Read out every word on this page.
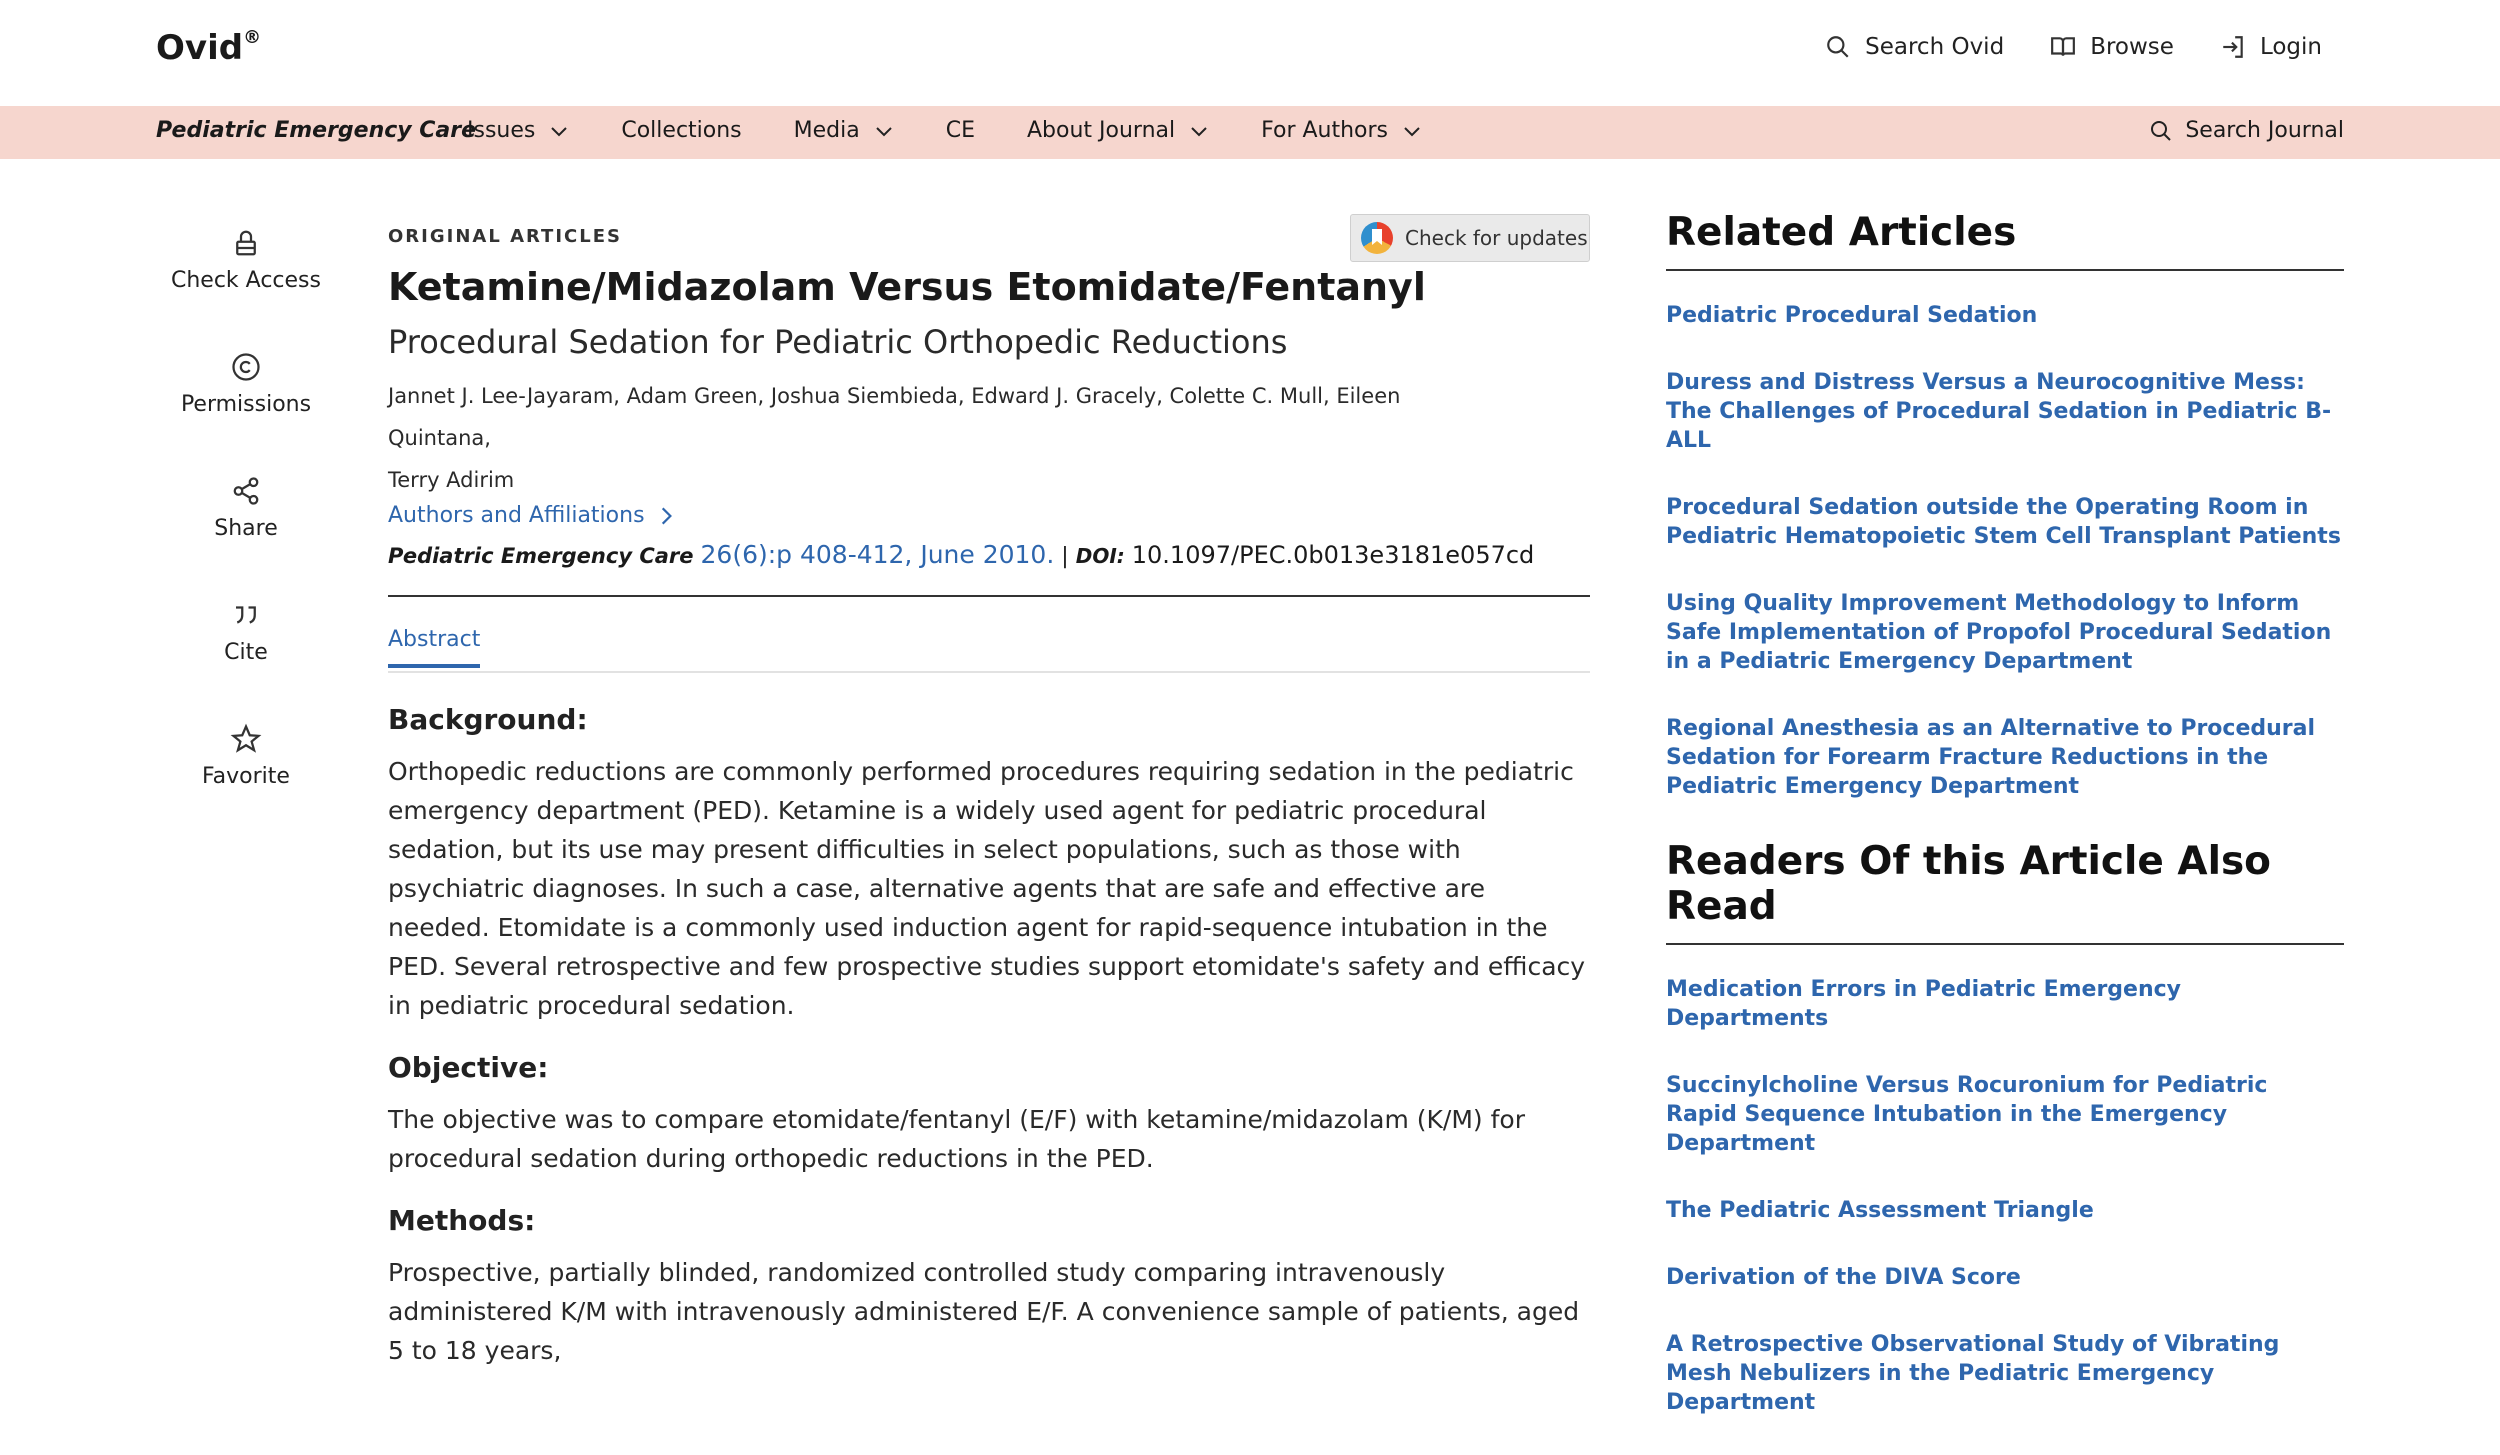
Ovid®	Search Ovid	Browse	Login
Pediatric Emergency Care
Issues	Collections Media	CE About Journal	For Authors	Search Journal
Check Access
Permissions
Share
Cite
Favorite
ORIGINAL ARTICLES	Check for updates
Ketamine/Midazolam Versus Etomidate/Fentanyl
Procedural Sedation for Pediatric Orthopedic Reductions
Jannet J. Lee-Jayaram, Adam Green, Joshua Siembieda, Edward J. Gracely, Colette C. Mull, Eileen Quintana,
Terry Adirim
Authors and Affiliations
Pediatric Emergency Care 26(6):p 408-412, June 2010. | DOI: 10.1097/PEC.0b013e3181e057cd
Abstract
Background:

Orthopedic reductions are commonly performed procedures requiring sedation in the pediatric emergency department (PED). Ketamine is a widely used agent for pediatric procedural sedation, but its use may present difficulties in select populations, such as those with psychiatric diagnoses. In such a case, alternative agents that are safe and effective are needed. Etomidate is a commonly used induction agent for rapid-sequence intubation in the PED. Several retrospective and few prospective studies support etomidate's safety and efficacy in pediatric procedural sedation.

Objective:

The objective was to compare etomidate/fentanyl (E/F) with ketamine/midazolam (K/M) for procedural sedation during orthopedic reductions in the PED.

Methods:

Prospective, partially blinded, randomized controlled study comparing intravenously administered K/M with intravenously administered E/F. A convenience sample of patients, aged 5 to 18 years,

Related Articles
Pediatric Procedural Sedation
Duress and Distress Versus a Neurocognitive Mess: The Challenges of Procedural Sedation in Pediatric B-ALL
Procedural Sedation outside the Operating Room in Pediatric Hematopoietic Stem Cell Transplant Patients
Using Quality Improvement Methodology to Inform Safe Implementation of Propofol Procedural Sedation in a Pediatric Emergency Department
Regional Anesthesia as an Alternative to Procedural Sedation for Forearm Fracture Reductions in the Pediatric Emergency Department
Readers Of this Article Also Read
Medication Errors in Pediatric Emergency Departments
Succinylcholine Versus Rocuronium for Pediatric Rapid Sequence Intubation in the Emergency Department
The Pediatric Assessment Triangle
Derivation of the DIVA Score
A Retrospective Observational Study of Vibrating Mesh Nebulizers in the Pediatric Emergency Department
